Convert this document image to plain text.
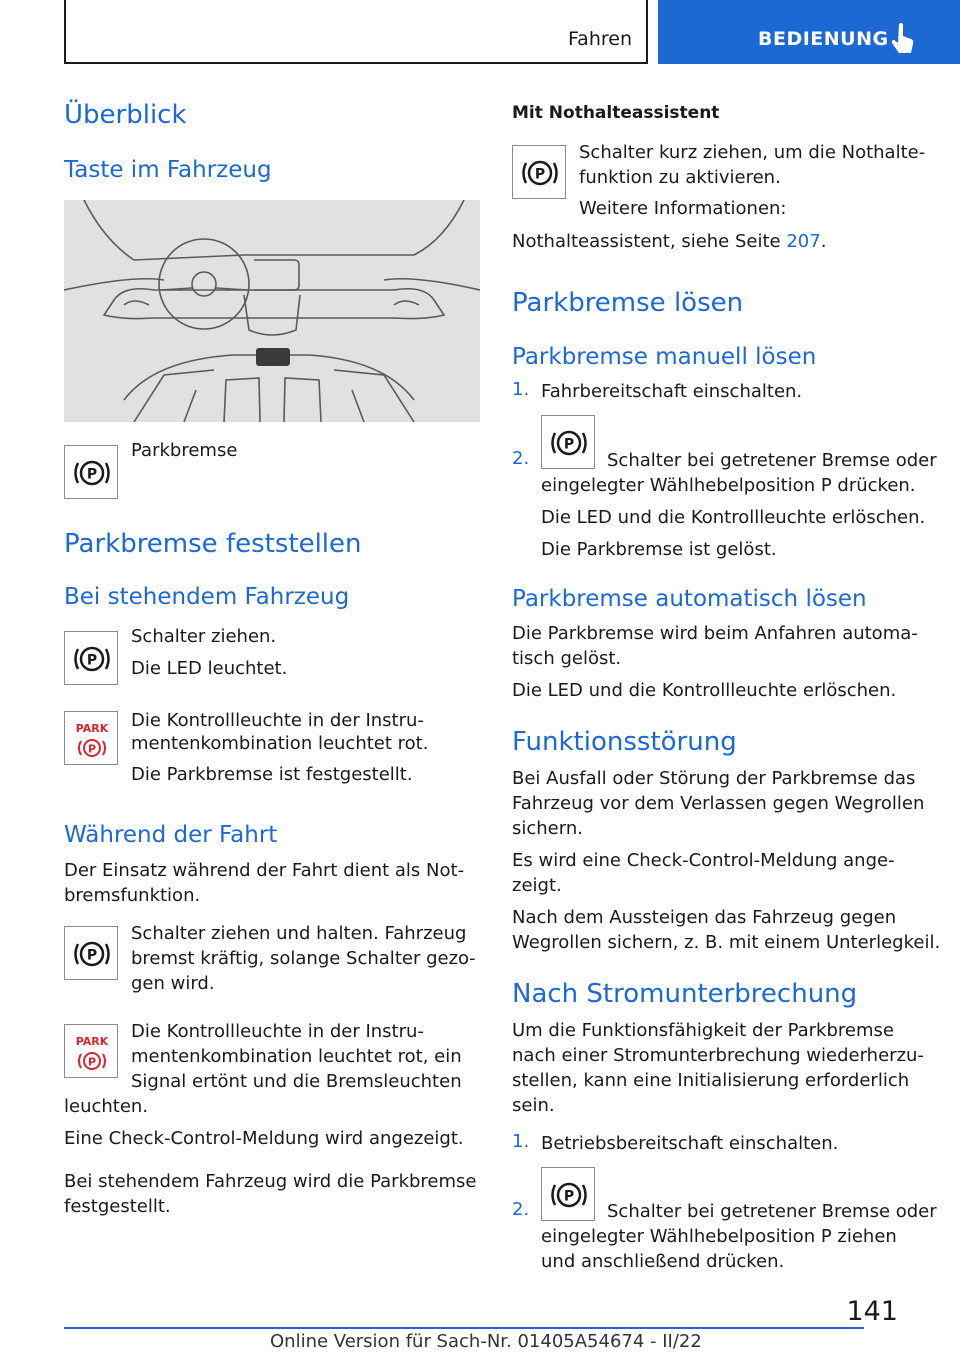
Fahren	BEDIENUNG
Überblick
Taste im Fahrzeug
P

Parkbremse

Parkbremse feststellen
Bei stehendem Fahrzeug
P

Schalter ziehen.

Die LED leuchtet.

PARK
P

Die Kontrollleuchte in der Instru‐

mentenkombination leuchtet rot.

Die Parkbremse ist festgestellt.

Während der Fahrt

Der Einsatz während der Fahrt dient als Not‐

bremsfunktion.

P

Schalter ziehen und halten. Fahrzeug

bremst kräftig, solange Schalter gezo‐

gen wird.

PARK
P

Die Kontrollleuchte in der Instru‐

mentenkombination leuchtet rot, ein

Signal ertönt und die Bremsleuchten

leuchten.

Eine Check-Control-Meldung wird angezeigt.

Bei stehendem Fahrzeug wird die Parkbremse

festgestellt.

Mit Nothalteassistent

P

Schalter kurz ziehen, um die Nothalte‐

funktion zu aktivieren.

Weitere Informationen:

Nothalteassistent, siehe Seite 207.

Parkbremse lösen
Parkbremse manuell lösen
1. Fahrbereitschaft einschalten.

2.
P

Schalter bei getretener Bremse oder

eingelegter Wählhebelposition P drücken.

Die LED und die Kontrollleuchte erlöschen.

Die Parkbremse ist gelöst.

Parkbremse automatisch lösen

Die Parkbremse wird beim Anfahren automa‐

tisch gelöst.

Die LED und die Kontrollleuchte erlöschen.

Funktionsstörung

Bei Ausfall oder Störung der Parkbremse das

Fahrzeug vor dem Verlassen gegen Wegrollen

sichern.

Es wird eine Check-Control-Meldung ange‐

zeigt.

Nach dem Aussteigen das Fahrzeug gegen

Wegrollen sichern, z. B. mit einem Unterlegkeil.

Nach Stromunterbrechung

Um die Funktionsfähigkeit der Parkbremse

nach einer Stromunterbrechung wiederherzu‐

stellen, kann eine Initialisierung erforderlich

sein.

1. Betriebsbereitschaft einschalten.

2.
P

Schalter bei getretener Bremse oder

eingelegter Wählhebelposition P ziehen

und anschließend drücken.

141
Online Version für Sach-Nr. 01405A54674 - II/22
